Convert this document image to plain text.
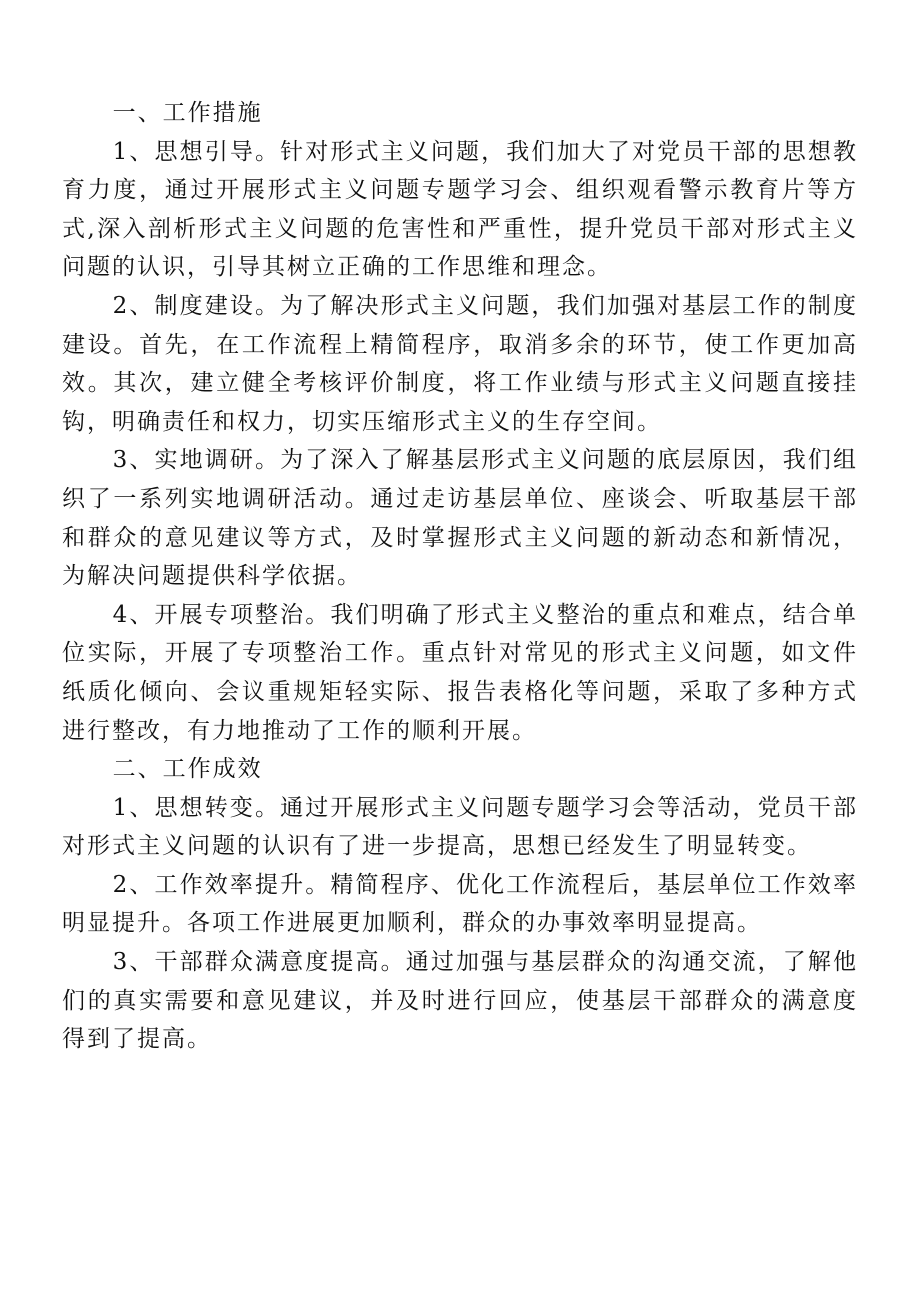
一、工作措施

1、思想引导。针对形式主义问题，我们加大了对党员干部的思想教育力度，通过开展形式主义问题专题学习会、组织观看警示教育片等方式,深入剖析形式主义问题的危害性和严重性，提升党员干部对形式主义问题的认识，引导其树立正确的工作思维和理念。

2、制度建设。为了解决形式主义问题，我们加强对基层工作的制度建设。首先，在工作流程上精简程序，取消多余的环节，使工作更加高效。其次，建立健全考核评价制度，将工作业绩与形式主义问题直接挂钩，明确责任和权力，切实压缩形式主义的生存空间。

3、实地调研。为了深入了解基层形式主义问题的底层原因，我们组织了一系列实地调研活动。通过走访基层单位、座谈会、听取基层干部和群众的意见建议等方式，及时掌握形式主义问题的新动态和新情况，为解决问题提供科学依据。

4、开展专项整治。我们明确了形式主义整治的重点和难点，结合单位实际，开展了专项整治工作。重点针对常见的形式主义问题，如文件纸质化倾向、会议重规矩轻实际、报告表格化等问题，采取了多种方式进行整改，有力地推动了工作的顺利开展。

二、工作成效

1、思想转变。通过开展形式主义问题专题学习会等活动，党员干部对形式主义问题的认识有了进一步提高，思想已经发生了明显转变。

2、工作效率提升。精简程序、优化工作流程后，基层单位工作效率明显提升。各项工作进展更加顺利，群众的办事效率明显提高。

3、干部群众满意度提高。通过加强与基层群众的沟通交流，了解他们的真实需要和意见建议，并及时进行回应，使基层干部群众的满意度得到了提高。
